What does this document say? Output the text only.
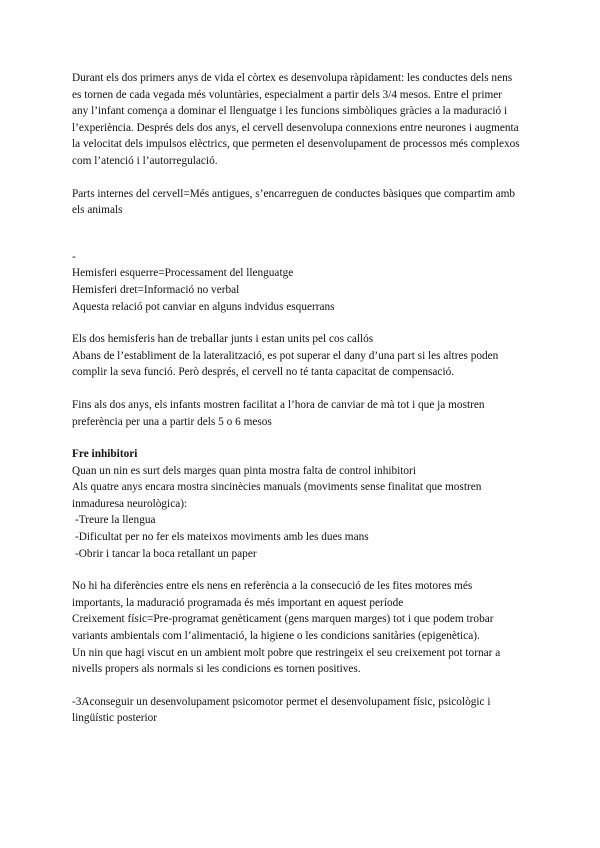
Durant els dos primers anys de vida el còrtex es desenvolupa ràpidament: les conductes dels nens es tornen de cada vegada més voluntàries, especialment a partir dels 3/4 mesos. Entre el primer any l’infant comença a dominar el llenguatge i les funcions simbòliques gràcies a la maduració i l’experiència. Després dels dos anys, el cervell desenvolupa connexions entre neurones i augmenta la velocitat dels impulsos elèctrics, que permeten el desenvolupament de processos més complexos com l’atenció i l’autorregulació.

Parts internes del cervell=Més antigues, s’encarreguen de conductes bàsiques que compartim amb els animals

-

Hemisferi esquerre=Processament del llenguatge

Hemisferi dret=Informació no verbal

Aquesta relació pot canviar en alguns indvidus esquerrans

Els dos hemisferis han de treballar junts i estan units pel cos callós

Abans de l’establiment de la lateralització, es pot superar el dany d’una part si les altres poden complir la seva funció. Però després, el cervell no té tanta capacitat de compensació.

Fins als dos anys, els infants mostren facilitat a l’hora de canviar de mà tot i que ja mostren preferència per una a partir dels 5 o 6 mesos

Fre inhibitori

Quan un nin es surt dels marges quan pinta mostra falta de control inhibitori

Als quatre anys encara mostra sincinècies manuals (moviments sense finalitat que mostren inmaduresa neurològica):

-Treure la llengua

-Dificultat per no fer els mateixos moviments amb les dues mans

-Obrir i tancar la boca retallant un paper

No hi ha diferències entre els nens en referència a la consecució de les fites motores més importants, la maduració programada és més important en aquest període

Creixement físic=Pre-programat genèticament (gens marquen marges) tot i que podem trobar variants ambientals com l’alimentació, la higiene o les condicions sanitàries (epigenètica).

Un nin que hagi viscut en un ambient molt pobre que restringeix el seu creixement pot tornar a nivells propers als normals si les condicions es tornen positives.

-3Aconseguir un desenvolupament psicomotor permet el desenvolupament físic, psicològic i lingüístic posterior
